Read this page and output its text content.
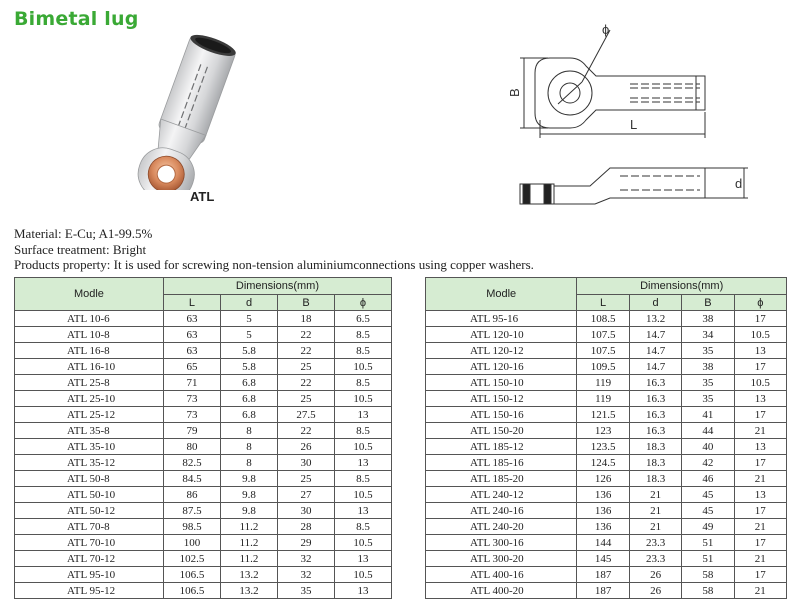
Bimetal lug
ATL
B
L
ϕ
d
Material: E-Cu; A1-99.5%
Surface treatment: Bright
Products property: It is used for screwing non-tension aluminiumconnections using copper washers.
Modle	Dimensions(mm)			
	L	d	B	ϕ
ATL 10-6	63	5	18	6.5
ATL 10-8	63	5	22	8.5
ATL 16-8	63	5.8	22	8.5
ATL 16-10	65	5.8	25	10.5
ATL 25-8	71	6.8	22	8.5
ATL 25-10	73	6.8	25	10.5
ATL 25-12	73	6.8	27.5	13
ATL 35-8	79	8	22	8.5
ATL 35-10	80	8	26	10.5
ATL 35-12	82.5	8	30	13
ATL 50-8	84.5	9.8	25	8.5
ATL 50-10	86	9.8	27	10.5
ATL 50-12	87.5	9.8	30	13
ATL 70-8	98.5	11.2	28	8.5
ATL 70-10	100	11.2	29	10.5
ATL 70-12	102.5	11.2	32	13
ATL 95-10	106.5	13.2	32	10.5
ATL 95-12	106.5	13.2	35	13
Modle	Dimensions(mm)			
	L	d	B	ϕ
ATL 95-16	108.5	13.2	38	17
ATL 120-10	107.5	14.7	34	10.5
ATL 120-12	107.5	14.7	35	13
ATL 120-16	109.5	14.7	38	17
ATL 150-10	119	16.3	35	10.5
ATL 150-12	119	16.3	35	13
ATL 150-16	121.5	16.3	41	17
ATL 150-20	123	16.3	44	21
ATL 185-12	123.5	18.3	40	13
ATL 185-16	124.5	18.3	42	17
ATL 185-20	126	18.3	46	21
ATL 240-12	136	21	45	13
ATL 240-16	136	21	45	17
ATL 240-20	136	21	49	21
ATL 300-16	144	23.3	51	17
ATL 300-20	145	23.3	51	21
ATL 400-16	187	26	58	17
ATL 400-20	187	26	58	21
